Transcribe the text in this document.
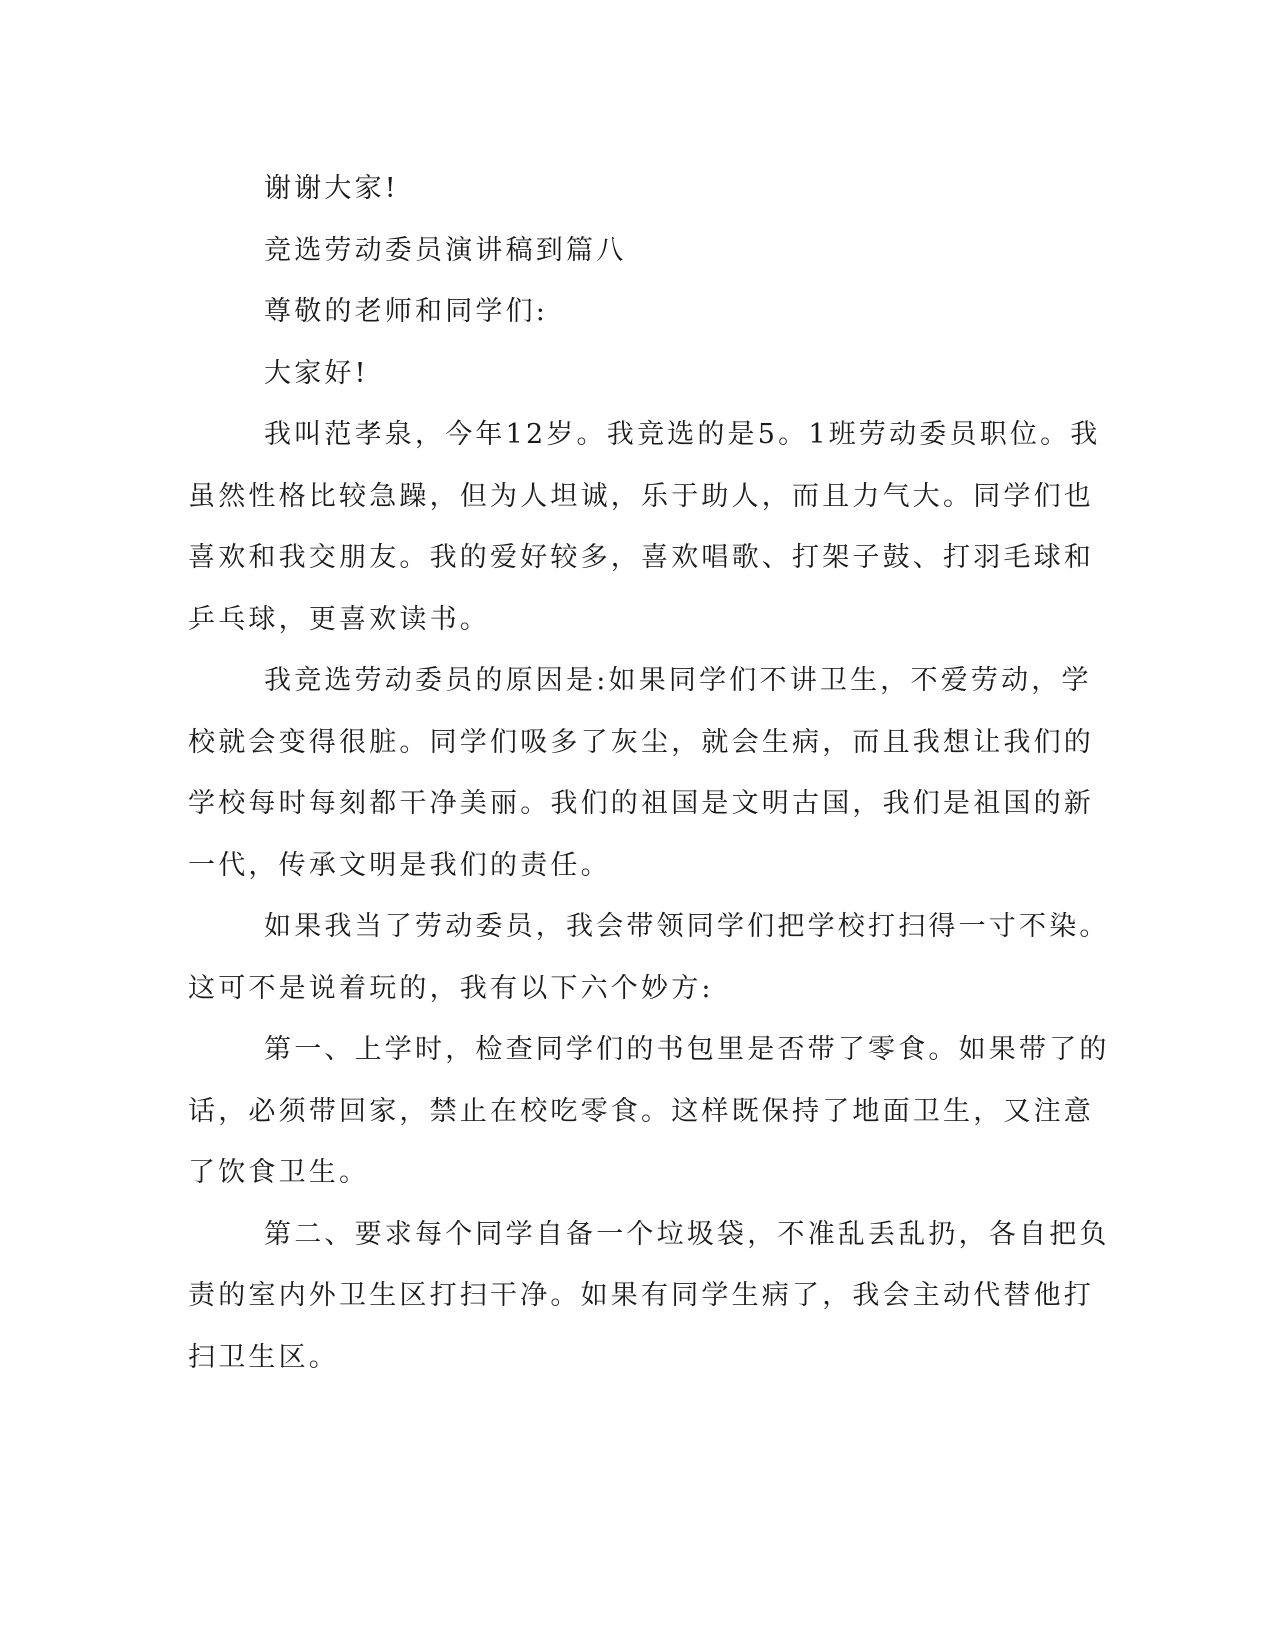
谢谢大家!

竞选劳动委员演讲稿到篇八

尊敬的老师和同学们:

大家好!

我叫范孝泉，今年12岁。我竞选的是5。1班劳动委员职位。我

虽然性格比较急躁，但为人坦诚，乐于助人，而且力气大。同学们也

喜欢和我交朋友。我的爱好较多，喜欢唱歌、打架子鼓、打羽毛球和

乒乓球，更喜欢读书。

我竞选劳动委员的原因是:如果同学们不讲卫生，不爱劳动，学

校就会变得很脏。同学们吸多了灰尘，就会生病，而且我想让我们的

学校每时每刻都干净美丽。我们的祖国是文明古国，我们是祖国的新

一代，传承文明是我们的责任。

如果我当了劳动委员，我会带领同学们把学校打扫得一寸不染。

这可不是说着玩的，我有以下六个妙方:

第一、上学时，检查同学们的书包里是否带了零食。如果带了的

话，必须带回家，禁止在校吃零食。这样既保持了地面卫生，又注意

了饮食卫生。

第二、要求每个同学自备一个垃圾袋，不准乱丢乱扔，各自把负

责的室内外卫生区打扫干净。如果有同学生病了，我会主动代替他打

扫卫生区。
